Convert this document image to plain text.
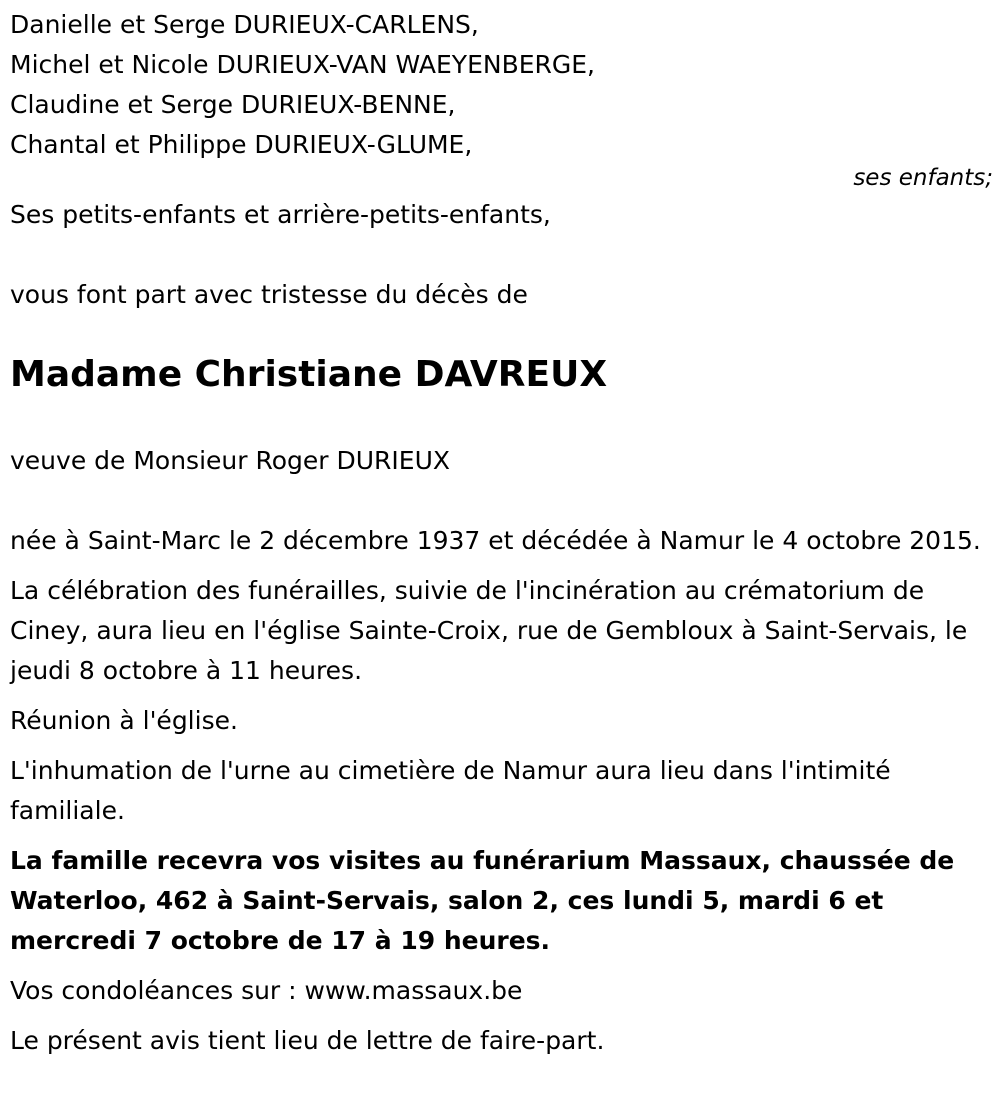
Danielle et Serge DURIEUX-CARLENS,
Michel et Nicole DURIEUX-VAN WAEYENBERGE,
Claudine et Serge DURIEUX-BENNE,
Chantal et Philippe DURIEUX-GLUME,
ses enfants;
Ses petits-enfants et arrière-petits-enfants,
vous font part avec tristesse du décès de
Madame Christiane DAVREUX
veuve de Monsieur Roger DURIEUX
née à Saint-Marc le 2 décembre 1937 et décédée à Namur le 4 octobre 2015.
La célébration des funérailles, suivie de l'incinération au crématorium de Ciney, aura lieu en l'église Sainte-Croix, rue de Gembloux à Saint-Servais, le jeudi 8 octobre à 11 heures.
Réunion à l'église.
L'inhumation de l'urne au cimetière de Namur aura lieu dans l'intimité familiale.
La famille recevra vos visites au funérarium Massaux, chaussée de Waterloo, 462 à Saint-Servais, salon 2, ces lundi 5, mardi 6 et mercredi 7 octobre de 17 à 19 heures.
Vos condoléances sur : www.massaux.be
Le présent avis tient lieu de lettre de faire-part.
